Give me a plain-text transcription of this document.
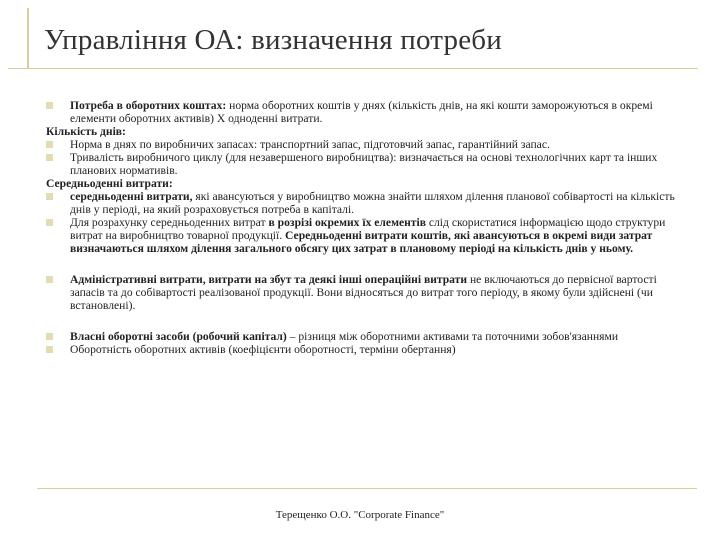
Управління ОА: визначення потреби
Потреба в оборотних коштах: норма оборотних коштів у днях (кількість днів, на які кошти заморожуються в окремі елементи оборотних активів) Х одноденні витрати.
Кількість днів:
Норма в днях по виробничих запасах: транспортний запас, підготовчий запас, гарантійний запас.
Тривалість виробничого циклу (для незавершеного виробництва): визначається на основі технологічних карт та інших планових нормативів.
Середньоденні витрати:
середньоденні витрати, які авансуються у виробництво можна знайти шляхом ділення планової собівартості на кількість днів у періоді, на який розраховується потреба в капіталі.
Для розрахунку середньоденних витрат в розрізі окремих їх елементів слід скористатися інформацією щодо структури витрат на виробництво товарної продукції. Середньоденні витрати коштів, які авансуються в окремі види затрат визначаються шляхом ділення загального обсягу цих затрат в плановому періоді на кількість днів у ньому.
Адміністративні витрати, витрати на збут та деякі інші операційні витрати не включаються до первісної вартості запасів та до собівартості реалізованої продукції. Вони відносяться до витрат того періоду, в якому були здійснені (чи встановлені).
Власні оборотні засоби (робочий капітал) – різниця між оборотними активами та поточними зобов'язаннями
Оборотність оборотних активів (коефіцієнти оборотності, терміни обертання)
Терещенко О.О. "Corporate Finance"
